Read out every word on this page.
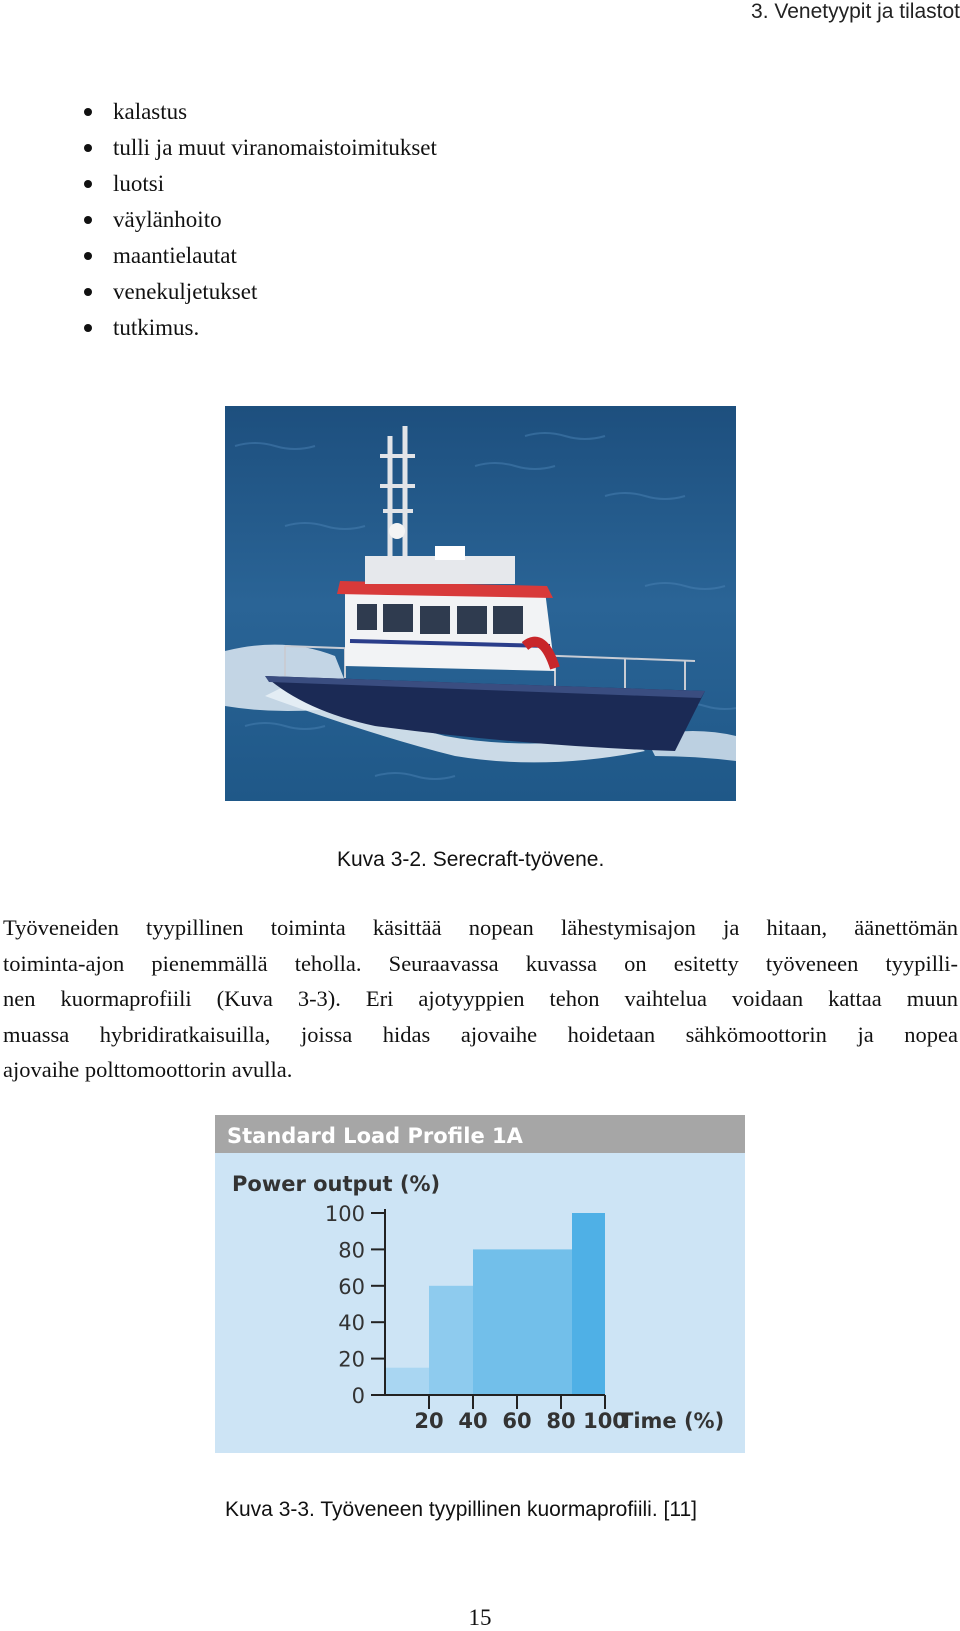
3. Venetyypit ja tilastot
kalastus
tulli ja muut viranomaistoimitukset
luotsi
väylänhoito
maantielautat
venekuljetukset
tutkimus.
Kuva 3-2. Serecraft-työvene.

Työveneiden tyypillinen toiminta käsittää nopean lähestymisajon ja hitaan, äänettömän
toiminta-ajon pienemmällä teholla. Seuraavassa kuvassa on esitetty työveneen tyypilli-
nen kuormaprofiili (Kuva 3-3). Eri ajotyyppien tehon vaihtelua voidaan kattaa muun
muassa hybridiratkaisuilla, joissa hidas ajovaihe hoidetaan sähkömoottorin ja nopea
ajovaihe polttomoottorin avulla.

Standard Load Profile 1A
Power output (%)
0
20
40
60
80
100
20 40 60 80 100
Time (%)
Kuva 3-3. Työveneen tyypillinen kuormaprofiili. [11]
15
